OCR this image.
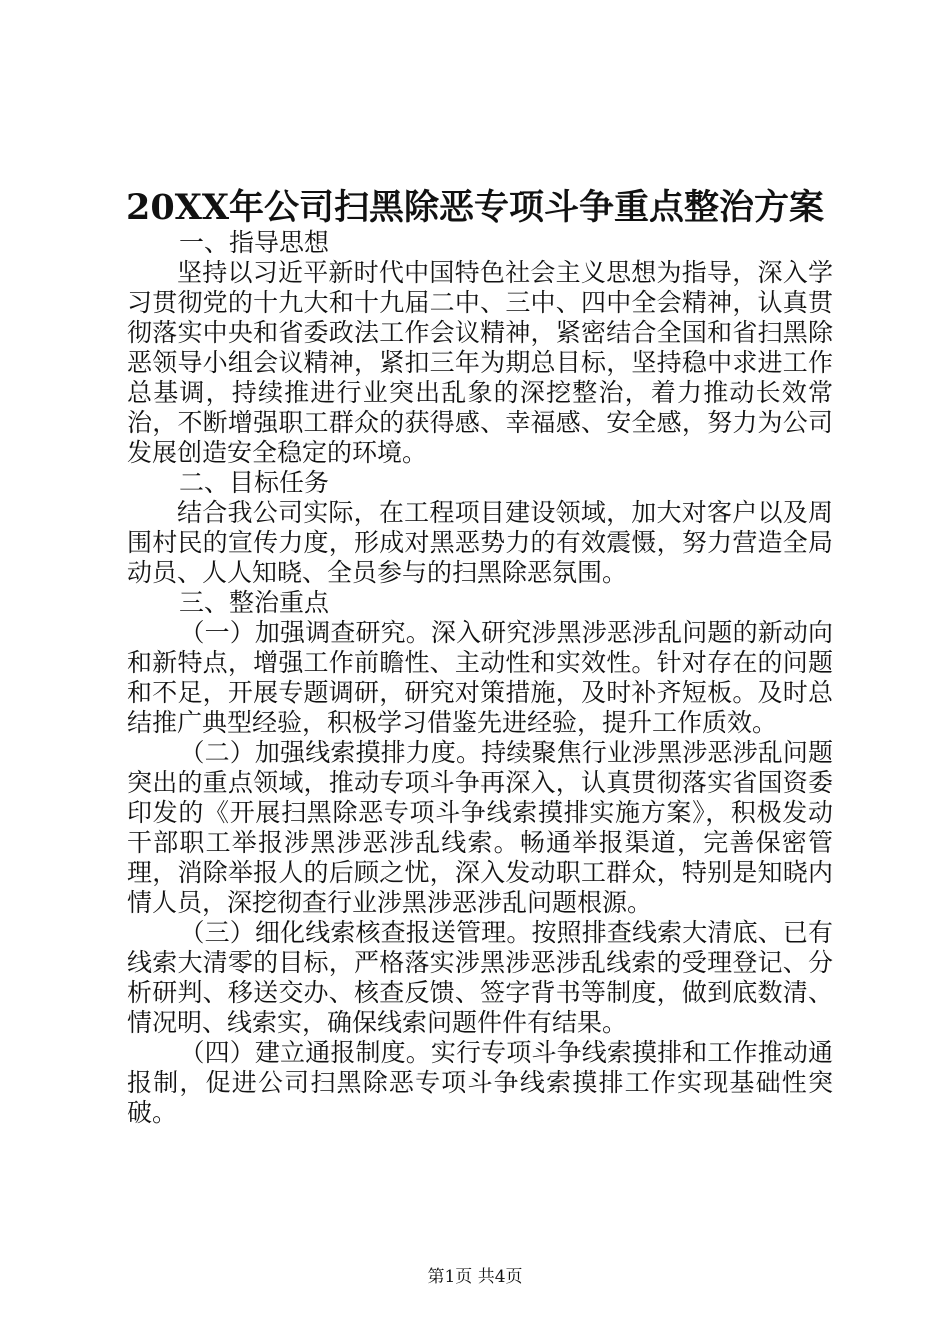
20XX年公司扫黑除恶专项斗争重点整治方案

一、指导思想

坚持以习近平新时代中国特色社会主义思想为指导，深入学习贯彻党的十九大和十九届二中、三中、四中全会精神，认真贯彻落实中央和省委政法工作会议精神，紧密结合全国和省扫黑除恶领导小组会议精神，紧扣三年为期总目标，坚持稳中求进工作总基调，持续推进行业突出乱象的深挖整治，着力推动长效常治，不断增强职工群众的获得感、幸福感、安全感，努力为公司发展创造安全稳定的环境。

二、目标任务

结合我公司实际，在工程项目建设领域，加大对客户以及周围村民的宣传力度，形成对黑恶势力的有效震慑，努力营造全局动员、人人知晓、全员参与的扫黑除恶氛围。

三、整治重点

（一）加强调查研究。深入研究涉黑涉恶涉乱问题的新动向和新特点，增强工作前瞻性、主动性和实效性。针对存在的问题和不足，开展专题调研，研究对策措施，及时补齐短板。及时总结推广典型经验，积极学习借鉴先进经验，提升工作质效。

（二）加强线索摸排力度。持续聚焦行业涉黑涉恶涉乱问题突出的重点领域，推动专项斗争再深入，认真贯彻落实省国资委印发的《开展扫黑除恶专项斗争线索摸排实施方案》，积极发动干部职工举报涉黑涉恶涉乱线索。畅通举报渠道，完善保密管理，消除举报人的后顾之忧，深入发动职工群众，特别是知晓内情人员，深挖彻查行业涉黑涉恶涉乱问题根源。

（三）细化线索核查报送管理。按照排查线索大清底、已有线索大清零的目标，严格落实涉黑涉恶涉乱线索的受理登记、分析研判、移送交办、核查反馈、签字背书等制度，做到底数清、情况明、线索实，确保线索问题件件有结果。

（四）建立通报制度。实行专项斗争线索摸排和工作推动通报制，促进公司扫黑除恶专项斗争线索摸排工作实现基础性突破。

第1页 共4页
